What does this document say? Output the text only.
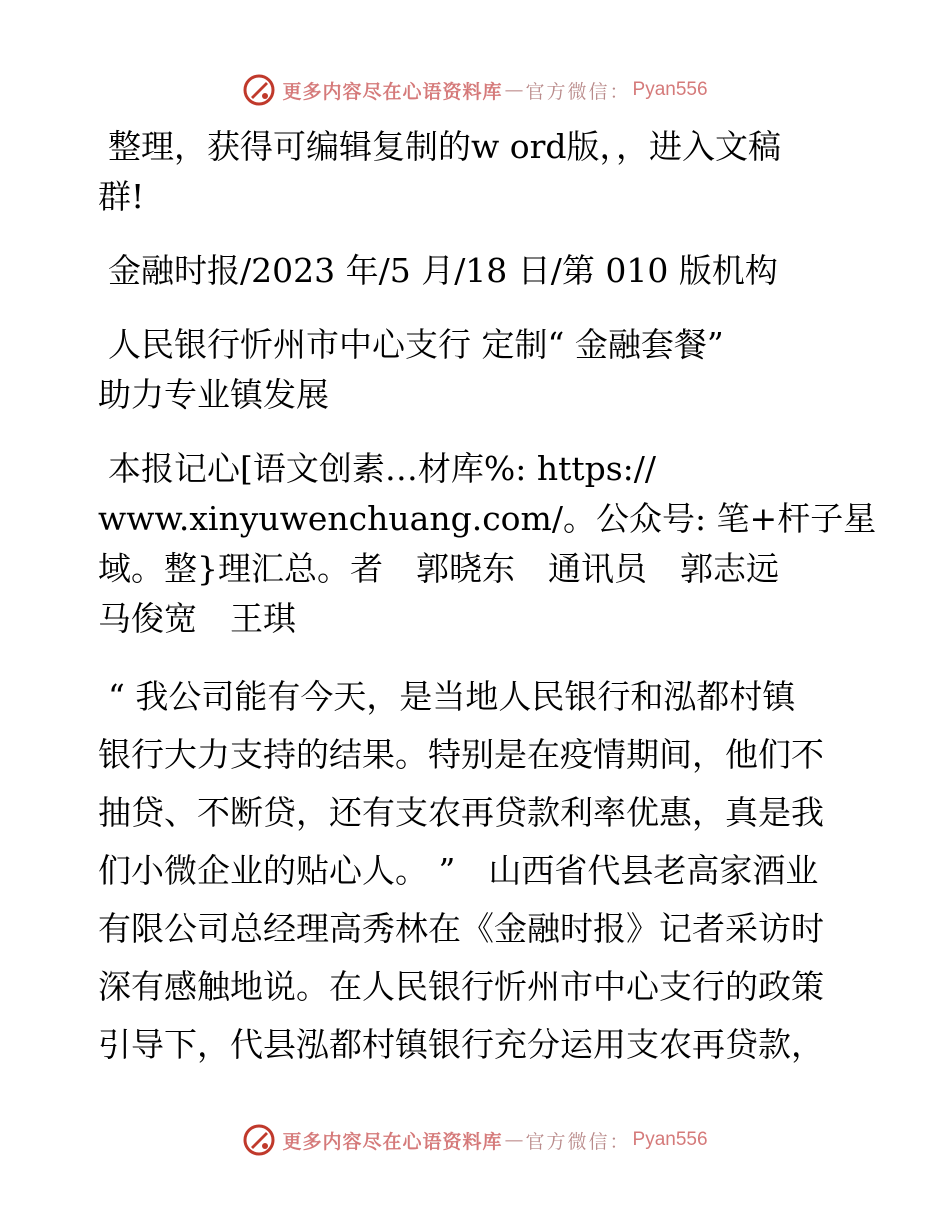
更多内容尽在心语资料库 — 官方微信 ： Pyan556

整理，获得可编辑复制的w ord版，，进入文稿
群!

金融时报/2023 年/5 月/18 日/第 010 版机构

人民银行忻州市中心支行 定制“ 金融套餐”
助力专业镇发展

本报记心[语文创素…材库%: https://
www.xinyuwenchuang.com/。公众号: 笔+杆子星
域。整}理汇总。者　郭晓东　通讯员　郭志远
马俊宽　王琪

“ 我公司能有今天，是当地人民银行和泓都村镇
银行大力支持的结果。特别是在疫情期间，他们不
抽贷、不断贷，还有支农再贷款利率优惠，真是我
们小微企业的贴心人。 ”　山西省代县老高家酒业
有限公司总经理高秀林在《金融时报》记者采访时
深有感触地说。在人民银行忻州市中心支行的政策
引导下，代县泓都村镇银行充分运用支农再贷款，

更多内容尽在心语资料库 — 官方微信 ： Pyan556
